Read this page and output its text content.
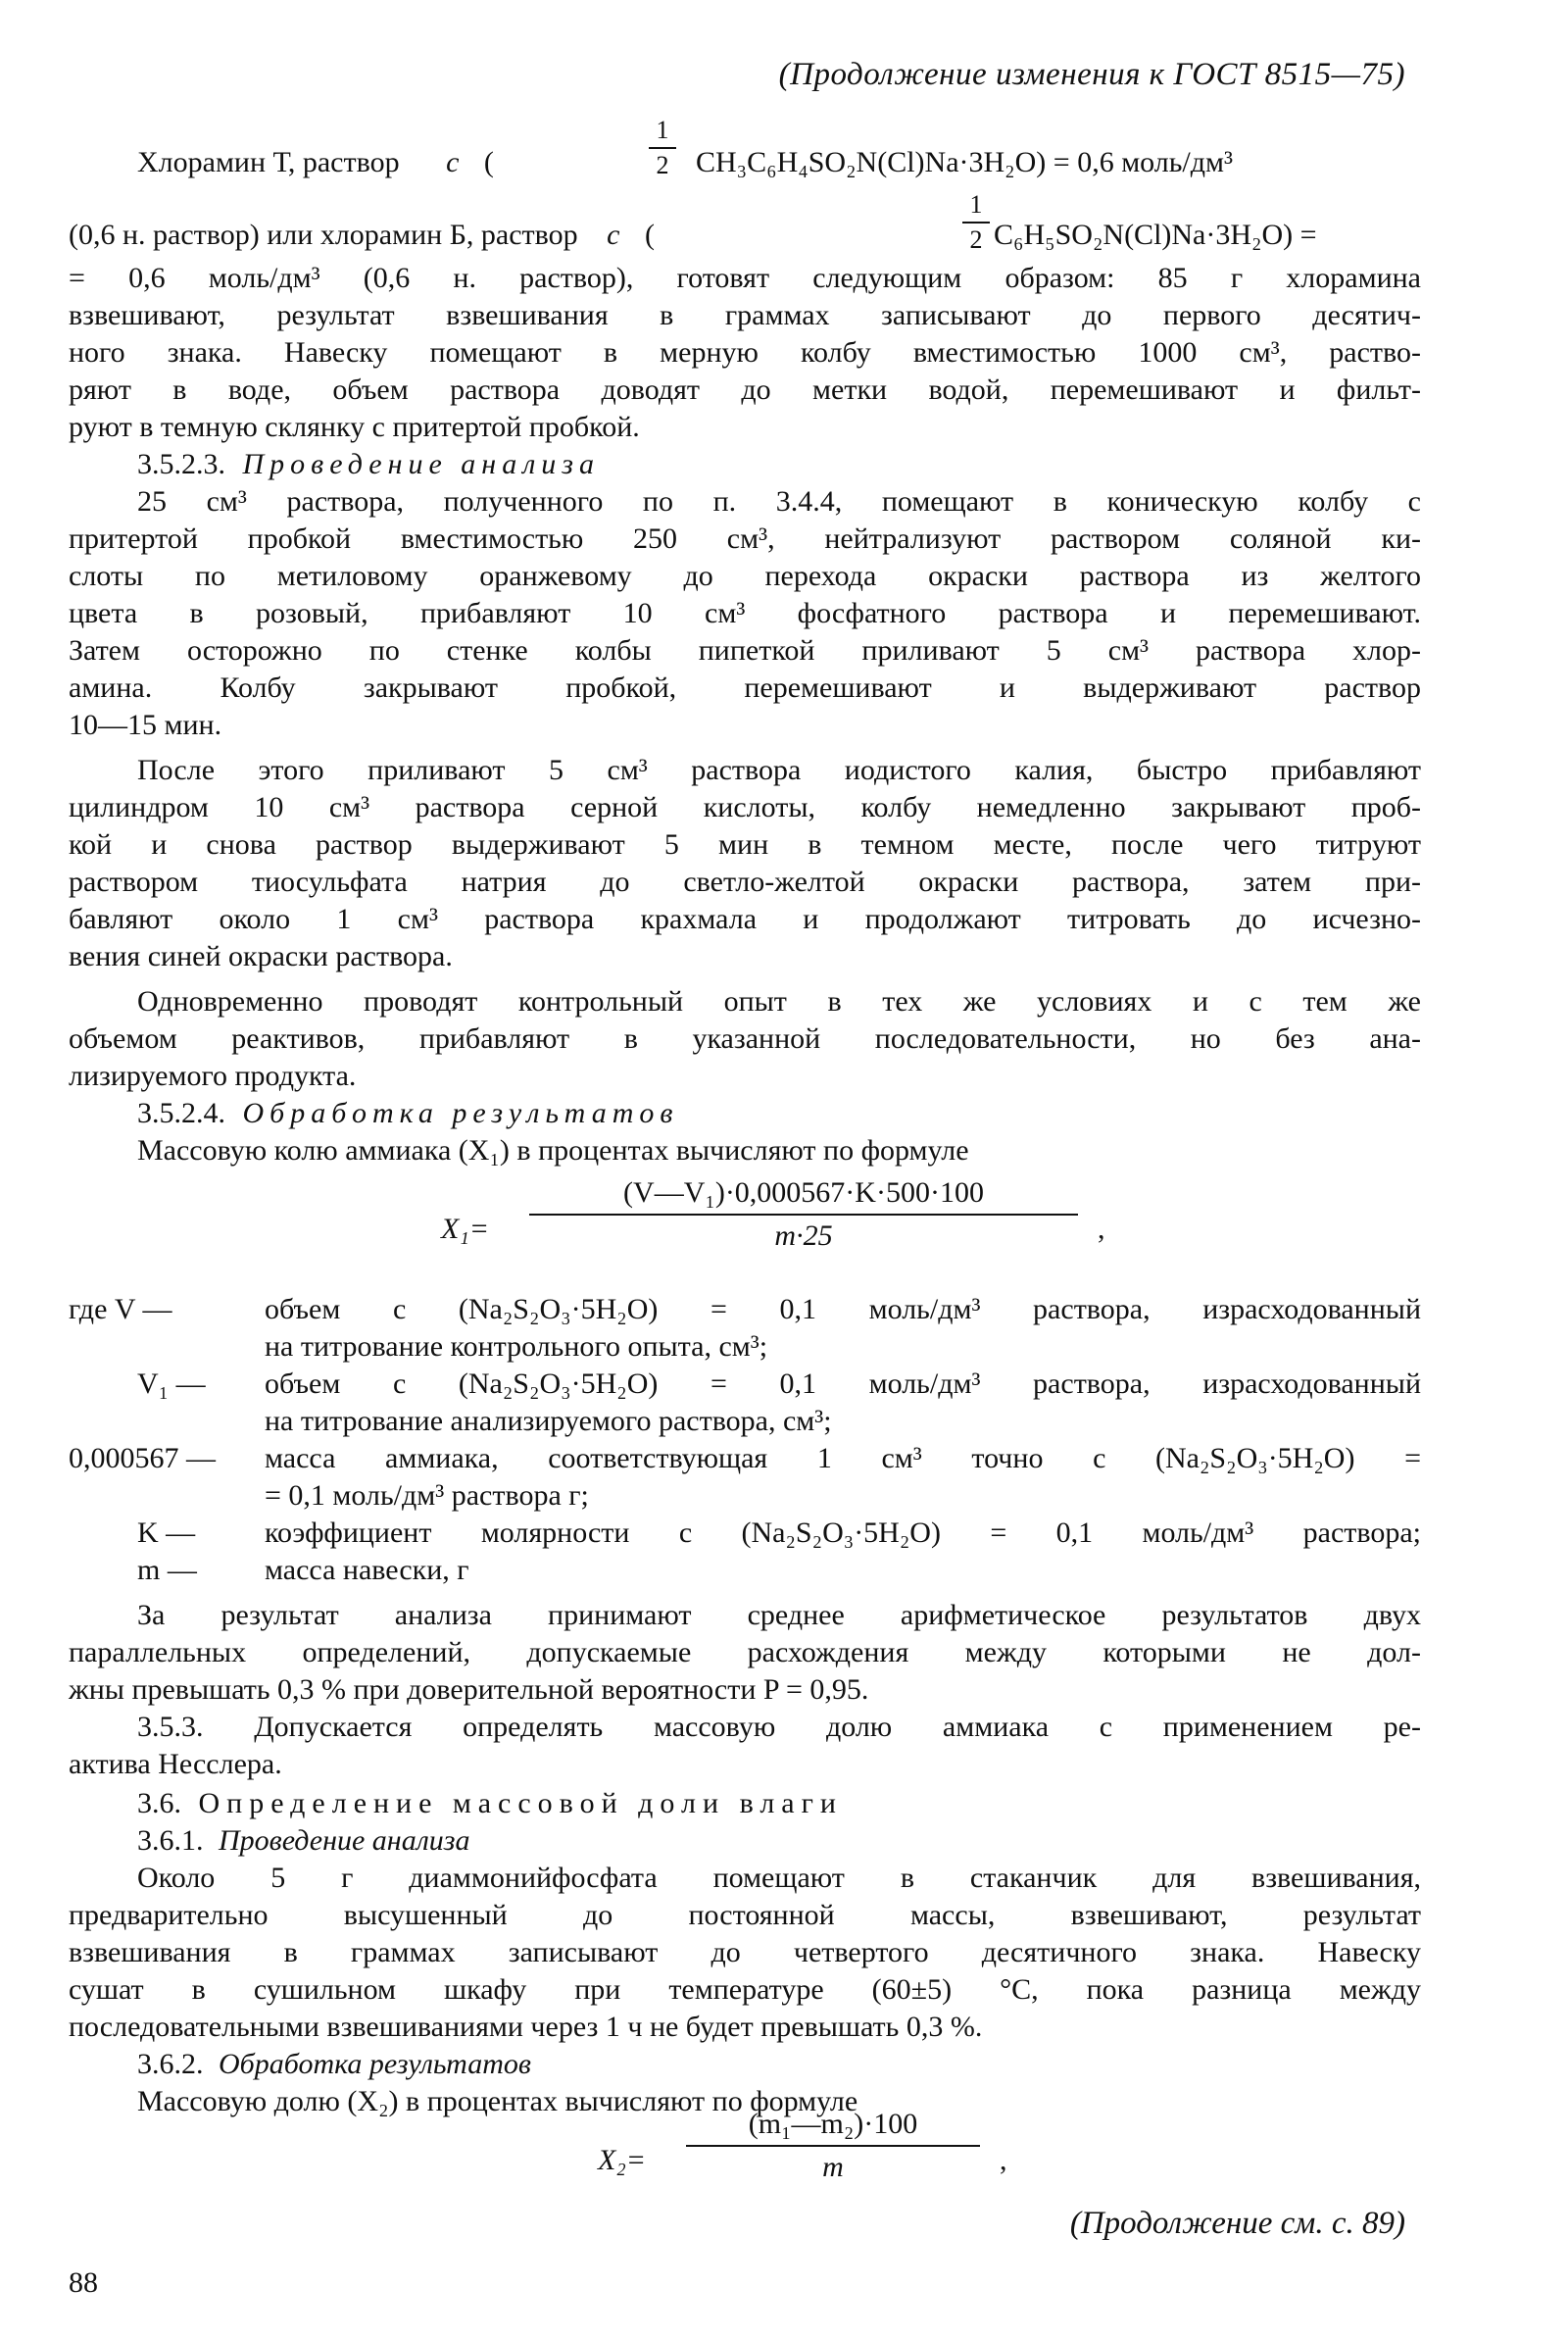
(Продолжение изменения к ГОСТ 8515—75)
Хлорамин Т, раствор с (
1
2 CH₃C₆H₄SO₂N(Cl)Na·3H₂O) = 0,6 моль/дм³
(0,6 н. раствор) или хлорамин Б, раствор с (
1
2 C₆H₅SO₂N(Cl)Na·3H₂O) =
= 0,6 моль/дм³ (0,6 н. раствор), готовят следующим образом: 85 г хлорамина
взвешивают, результат взвешивания в граммах записывают до первого десятич-
ного знака. Навеску помещают в мерную колбу вместимостью 1000 см³, раство-
ряют в воде, объем раствора доводят до метки водой, перемешивают и фильт-
руют в темную склянку с притертой пробкой.
3.5.2.3. Проведение анализа
25 см³ раствора, полученного по п. 3.4.4, помещают в коническую колбу с
притертой пробкой вместимостью 250 см³, нейтрализуют раствором соляной ки-
слоты по метиловому оранжевому до перехода окраски раствора из желтого
цвета в розовый, прибавляют 10 см³ фосфатного раствора и перемешивают.
Затем осторожно по стенке колбы пипеткой приливают 5 см³ раствора хлор-
амина. Колбу закрывают пробкой, перемешивают и выдерживают раствор
10—15 мин.
После этого приливают 5 см³ раствора иодистого калия, быстро прибавляют
цилиндром 10 см³ раствора серной кислоты, колбу немедленно закрывают проб-
кой и снова раствор выдерживают 5 мин в темном месте, после чего титруют
раствором тиосульфата натрия до светло-желтой окраски раствора, затем при-
бавляют около 1 см³ раствора крахмала и продолжают титровать до исчезно-
вения синей окраски раствора.
Одновременно проводят контрольный опыт в тех же условиях и с тем же
объемом реактивов, прибавляют в указанной последовательности, но без ана-
лизируемого продукта.
3.5.2.4. Обработка результатов
Массовую колю аммиака (X₁) в процентах вычисляют по формуле
X₁=
(V—V₁)·0,000567·K·500·100
m·25	,
где V —	объем с (Na₂S₂O₃·5H₂O) = 0,1 моль/дм³ раствора, израсходованный
на титрование контрольного опыта, см³;
V₁ — объем с (Na₂S₂O₃·5H₂O) = 0,1 моль/дм³ раствора, израсходованный
на титрование анализируемого раствора, см³;
0,000567 — масса аммиака, соответствующая 1 см³ точно с (Na₂S₂O₃·5H₂O) =
= 0,1 моль/дм³ раствора г;
K — коэффициент молярности с (Na₂S₂O₃·5H₂O) = 0,1 моль/дм³ раствора;
m — масса навески, г
За результат анализа принимают среднее арифметическое результатов двух
параллельных определений, допускаемые расхождения между которыми не дол-
жны превышать 0,3 % при доверительной вероятности P = 0,95.
3.5.3. Допускается определять массовую долю аммиака с применением ре-
актива Несслера.
3.6. Определение массовой доли влаги
3.6.1. Проведение анализа
Около 5 г диаммонийфосфата помещают в стаканчик для взвешивания,
предварительно высушенный до постоянной массы, взвешивают, результат
взвешивания в граммах записывают до четвертого десятичного знака. Навеску
сушат в сушильном шкафу при температуре (60±5) °С, пока разница между
последовательными взвешиваниями через 1 ч не будет превышать 0,3 %.
3.6.2. Обработка результатов
Массовую долю (X₂) в процентах вычисляют по формуле
X₂=
(m₁—m₂)·100
m	,
(Продолжение см. с. 89)
88
